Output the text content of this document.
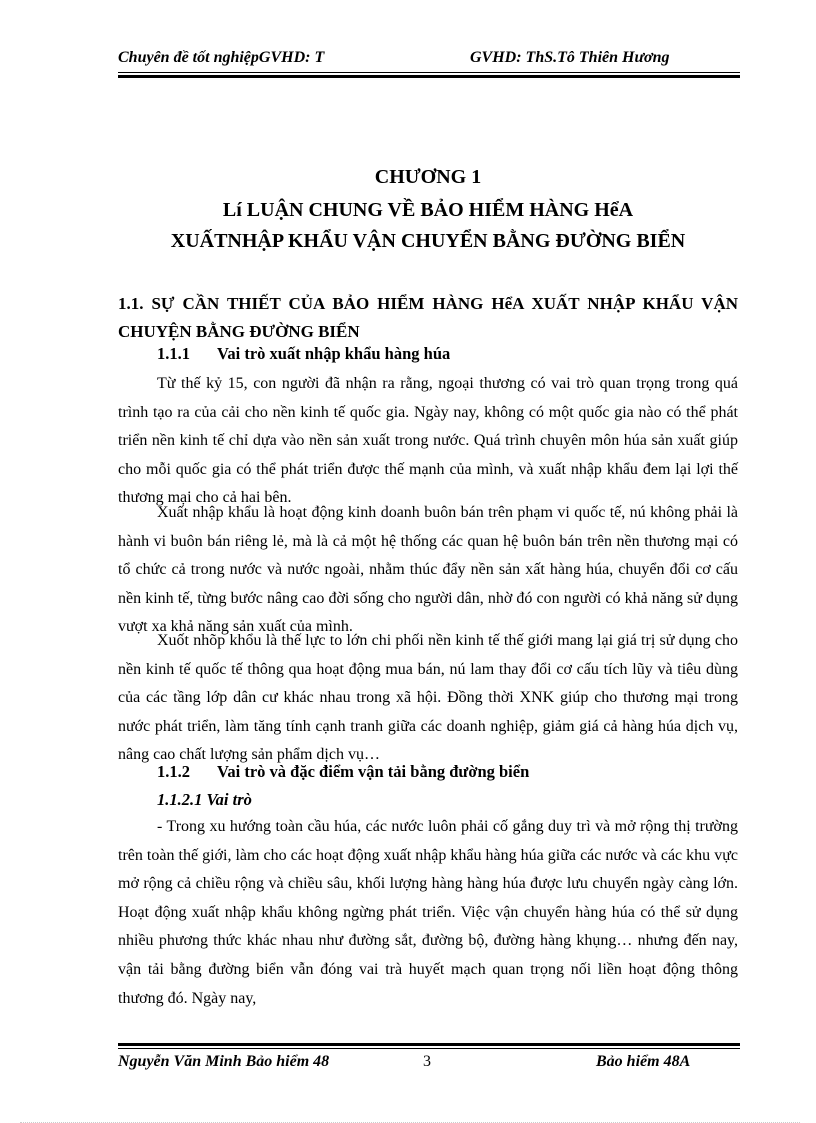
Chuyên đề tốt nghiệpGVHD: T	GVHD: ThS.Tô Thiên Hương
CHƯƠNG 1
Lí LUẬN CHUNG VỀ BẢO HIỂM HÀNG HểA
XUẤTNHẬP KHẨU VẬN CHUYỂN BẰNG ĐƯỜNG BIỂN
1.1. SỰ CẦN THIẾT CỦA BẢO HIỂM HÀNG HểA XUẤT NHẬP KHẨU VẬN CHUYỆN BẰNG ĐƯỜNG BIỂN
1.1.1 Vai trò xuất nhập khẩu hàng húa

Từ thế kỷ 15, con người đã nhận ra rằng, ngoại thương có vai trò quan trọng trong quá trình tạo ra của cải cho nền kinh tế quốc gia. Ngày nay, không có một quốc gia nào có thể phát triển nền kinh tế chỉ dựa vào nền sản xuất trong nước. Quá trình chuyên môn húa sản xuất giúp cho mỗi quốc gia có thể phát triển được thế mạnh của mình, và xuất nhập khẩu đem lại lợi thế thương mại cho cả hai bên.

Xuất nhập khẩu là hoạt động kinh doanh buôn bán trên phạm vi quốc tế, nú không phải là hành vi buôn bán riêng lẻ, mà là cả một hệ thống các quan hệ buôn bán trên nền thương mại có tổ chức cả trong nước và nước ngoài, nhằm thúc đẩy nền sản xất hàng húa, chuyển đổi cơ cấu nền kinh tế, từng bước nâng cao đời sống cho người dân, nhờ đó con người có khả năng sử dụng vượt xa khả năng sản xuất của mình.

Xuốt nhõp khổu là thế lực to lớn chi phối nền kinh tế thế giới mang lại giá trị sử dụng cho nền kinh tế quốc tế thông qua hoạt động mua bán, nú lam thay đổi cơ cấu tích lũy và tiêu dùng của các tầng lớp dân cư khác nhau trong xã hội. Đồng thời XNK giúp cho thương mại trong nước phát triển, làm tăng tính cạnh tranh giữa các doanh nghiệp, giảm giá cả hàng húa dịch vụ, nâng cao chất lượng sản phẩm dịch vụ…

1.1.2 Vai trò và đặc điểm vận tải bằng đường biển
1.1.2.1 Vai trò

- Trong xu hướng toàn cầu húa, các nước luôn phải cố gắng duy trì và mở rộng thị trường trên toàn thế giới, làm cho các hoạt động xuất nhập khẩu hàng húa giữa các nước và các khu vực mở rộng cả chiều rộng và chiều sâu, khối lượng hàng hàng húa được lưu chuyển ngày càng lớn. Hoạt động xuất nhập khẩu không ngừng phát triển. Việc vận chuyển hàng húa có thể sử dụng nhiều phương thức khác nhau như đường sắt, đường bộ, đường hàng khụng… nhưng đến nay, vận tải bằng đường biển vẫn đóng vai trà huyết mạch quan trọng nối liền hoạt động thông thương đó. Ngày nay,

Nguyễn Văn Minh Bảo hiểm 48	3	Bảo hiểm 48A
